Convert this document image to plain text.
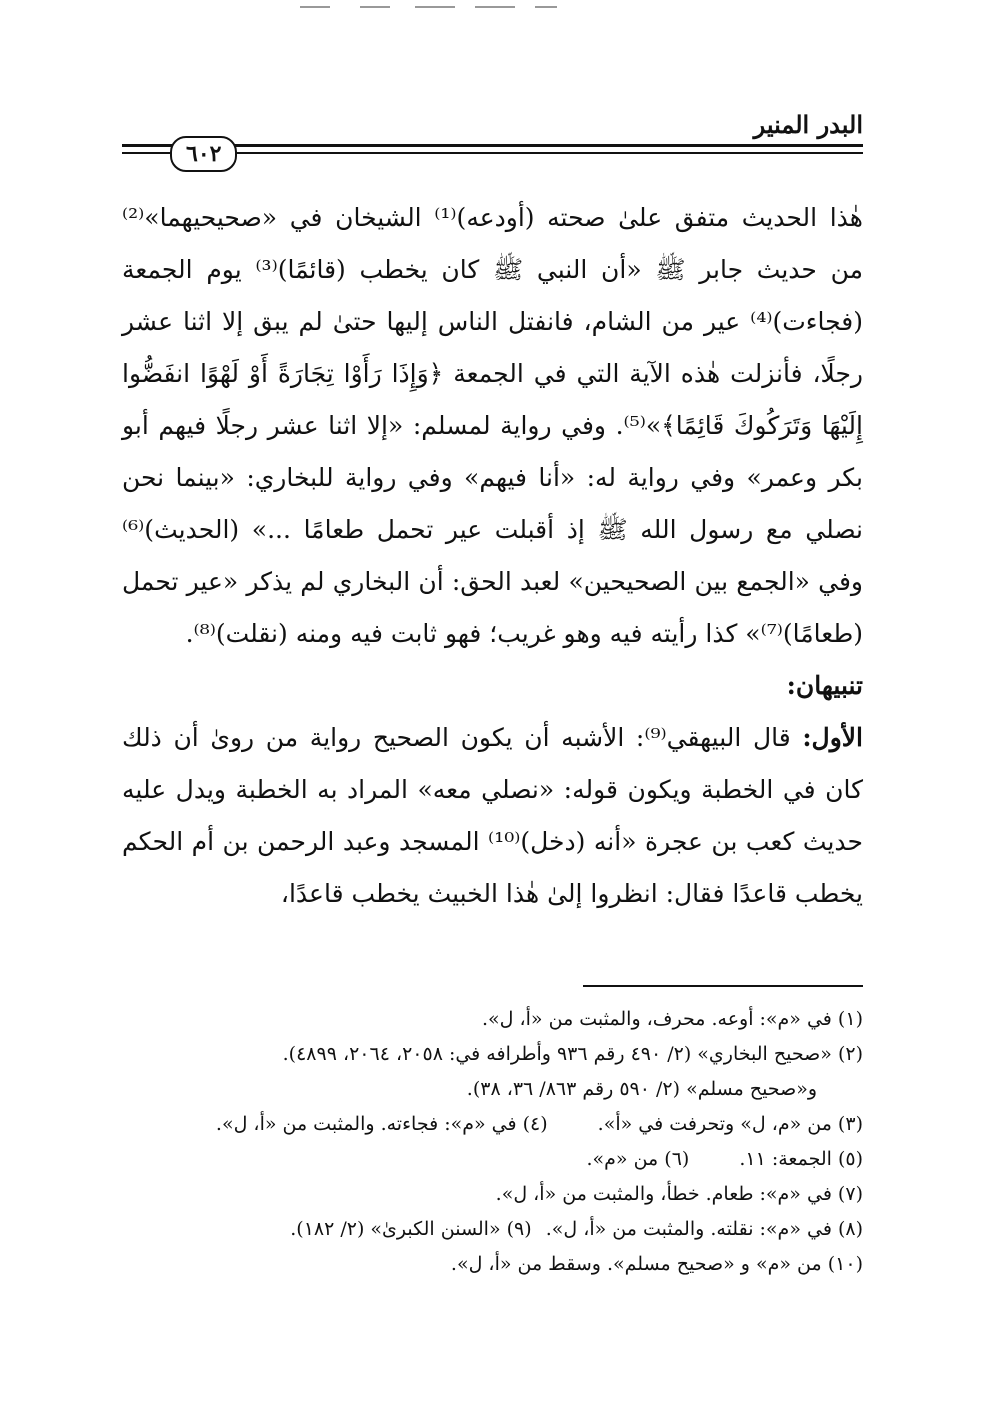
البدر المنير
٦٠٢

هٰذا الحديث متفق علىٰ صحته (أودعه)⁽¹⁾ الشيخان في «صحيحيهما»⁽²⁾ من حديث جابر ﷺ «أن النبي ﷺ كان يخطب (قائمًا)⁽³⁾ يوم الجمعة (فجاءت)⁽⁴⁾ عير من الشام، فانفتل الناس إليها حتىٰ لم يبق إلا اثنا عشر رجلًا، فأنزلت هٰذه الآية التي في الجمعة ﴿وَإِذَا رَأَوْا تِجَارَةً أَوْ لَهْوًا انفَضُّوا إِلَيْهَا وَتَرَكُوكَ قَائِمًا﴾»⁽⁵⁾. وفي رواية لمسلم: «إلا اثنا عشر رجلًا فيهم أبو بكر وعمر» وفي رواية له: «أنا فيهم» وفي رواية للبخاري: «بينما نحن نصلي مع رسول الله ﷺ إذ أقبلت عير تحمل طعامًا ...» (الحديث)⁽⁶⁾ وفي «الجمع بين الصحيحين» لعبد الحق: أن البخاري لم يذكر «عير تحمل (طعامًا)⁽⁷⁾» كذا رأيته فيه وهو غريب؛ فهو ثابت فيه ومنه (نقلت)⁽⁸⁾.

تنبيهان:

الأول: قال البيهقي⁽⁹⁾: الأشبه أن يكون الصحيح رواية من روىٰ أن ذلك كان في الخطبة ويكون قوله: «نصلي معه» المراد به الخطبة ويدل عليه حديث كعب بن عجرة «أنه (دخل)⁽¹⁰⁾ المسجد وعبد الرحمن بن أم الحكم يخطب قاعدًا فقال: انظروا إلىٰ هٰذا الخبيث يخطب قاعدًا،

(١) في «م»: أوعه. محرف، والمثبت من «أ، ل».

(٢) «صحيح البخاري» (٢/ ٤٩٠ رقم ٩٣٦ وأطرافه في: ٢٠٥٨، ٢٠٦٤، ٤٨٩٩).

و«صحيح مسلم» (٢/ ٥٩٠ رقم ٨٦٣/ ٣٦، ٣٨).

(٣) من «م، ل» وتحرفت في «أ».

(٤) في «م»: فجاءته. والمثبت من «أ، ل».

(٥) الجمعة: ١١.

(٦) من «م».

(٧) في «م»: طعام. خطأ، والمثبت من «أ، ل».

(٨) في «م»: نقلته. والمثبت من «أ، ل».

(٩) «السنن الكبرىٰ» (٢/ ١٨٢).

(١٠) من «م» و «صحيح مسلم». وسقط من «أ، ل».
